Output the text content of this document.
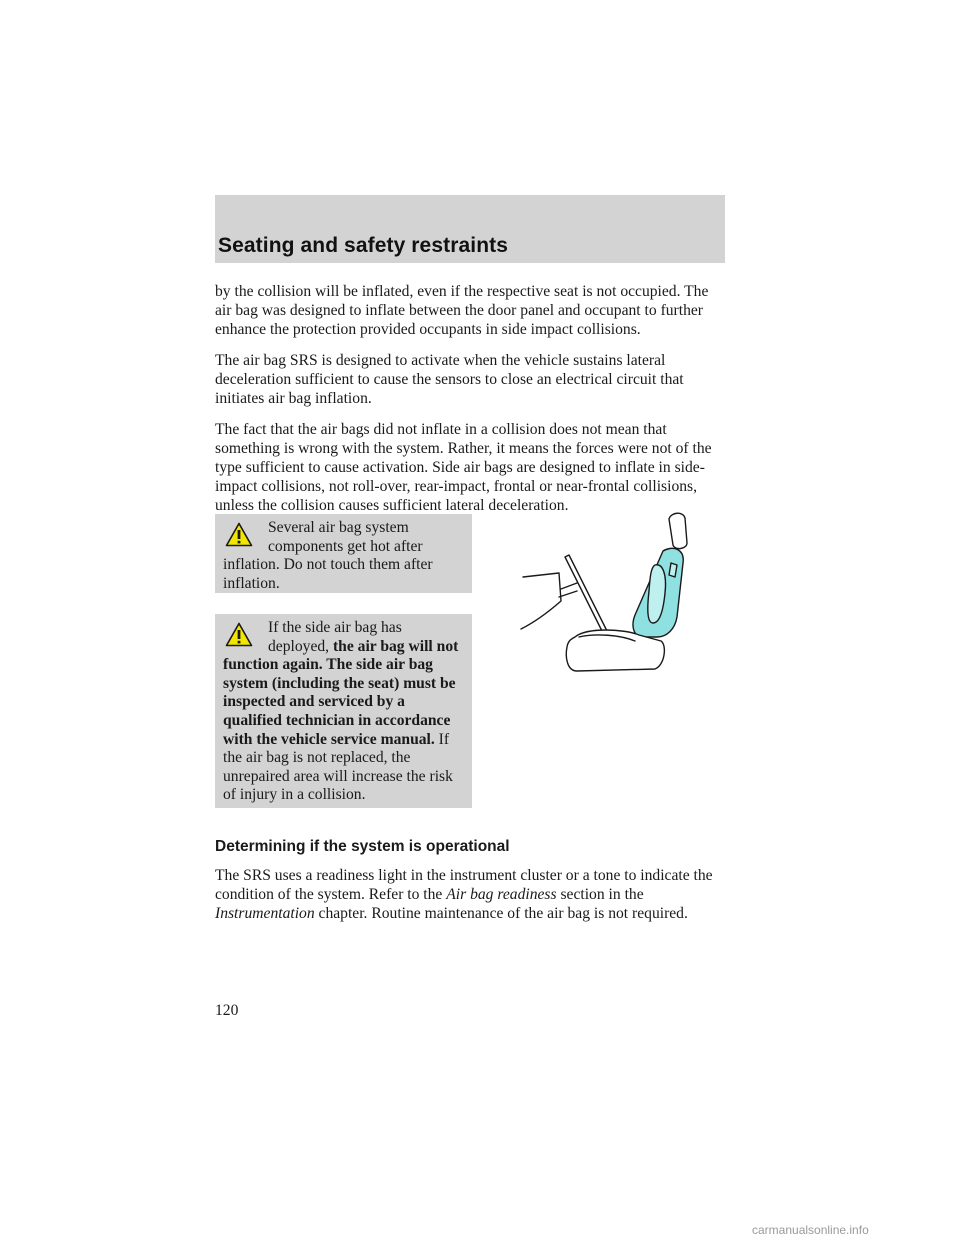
Seating and safety restraints

by the collision will be inflated, even if the respective seat is not occupied. The air bag was designed to inflate between the door panel and occupant to further enhance the protection provided occupants in side impact collisions.

The air bag SRS is designed to activate when the vehicle sustains lateral deceleration sufficient to cause the sensors to close an electrical circuit that initiates air bag inflation.

The fact that the air bags did not inflate in a collision does not mean that something is wrong with the system. Rather, it means the forces were not of the type sufficient to cause activation. Side air bags are designed to inflate in side-impact collisions, not roll-over, rear-impact, frontal or near-frontal collisions, unless the collision causes sufficient lateral deceleration.

Several air bag system
components get hot after
inflation. Do not touch them after inflation.
If the side air bag has
deployed, the air bag will not function again. The side air bag system (including the seat) must be inspected and serviced by a qualified technician in accordance with the vehicle service manual. If the air bag is not replaced, the unrepaired area will increase the risk of injury in a collision.
Determining if the system is operational

The SRS uses a readiness light in the instrument cluster or a tone to indicate the condition of the system. Refer to the Air bag readiness section in the Instrumentation chapter. Routine maintenance of the air bag is not required.

120
carmanualsonline.info
